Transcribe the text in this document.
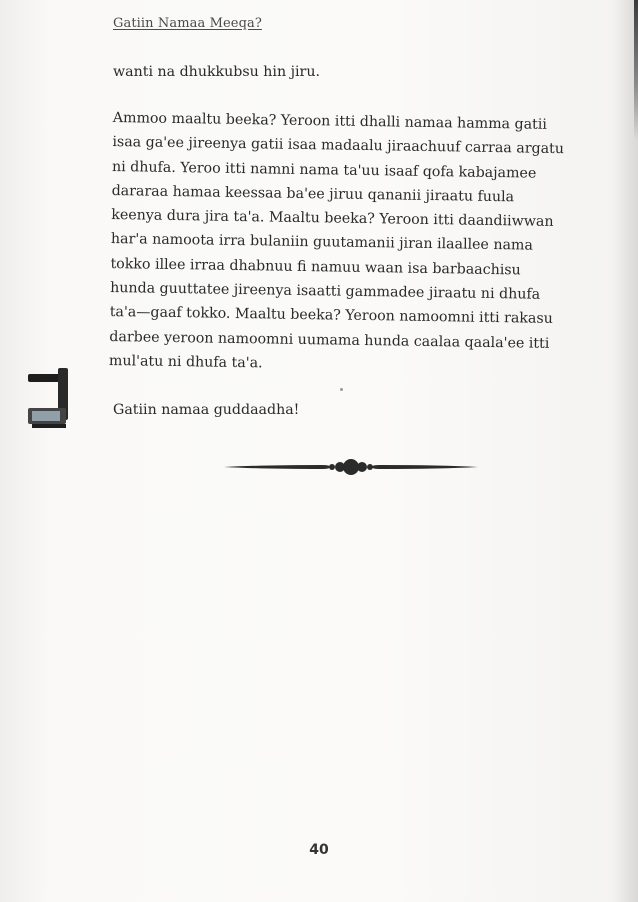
Gatiin Namaa Meeqa?

wanti na dhukkubsu hin jiru.

Ammoo maaltu beeka? Yeroon itti dhalli namaa hamma gatii
isaa ga'ee jireenya gatii isaa madaalu jiraachuuf carraa argatu
ni dhufa. Yeroo itti namni nama ta'uu isaaf qofa kabajamee
dararaa hamaa keessaa ba'ee jiruu qananii jiraatu fuula
keenya dura jira ta'a. Maaltu beeka? Yeroon itti daandiiwwan
har'a namoota irra bulaniin guutamanii jiran ilaallee nama
tokko illee irraa dhabnuu fi namuu waan isa barbaachisu
hunda guuttatee jireenya isaatti gammadee jiraatu ni dhufa
ta'a—gaaf tokko. Maaltu beeka? Yeroon namoomni itti rakasu
darbee yeroon namoomni uumama hunda caalaa qaala'ee itti
mul'atu ni dhufa ta'a.

Gatiin namaa guddaadha!

40
